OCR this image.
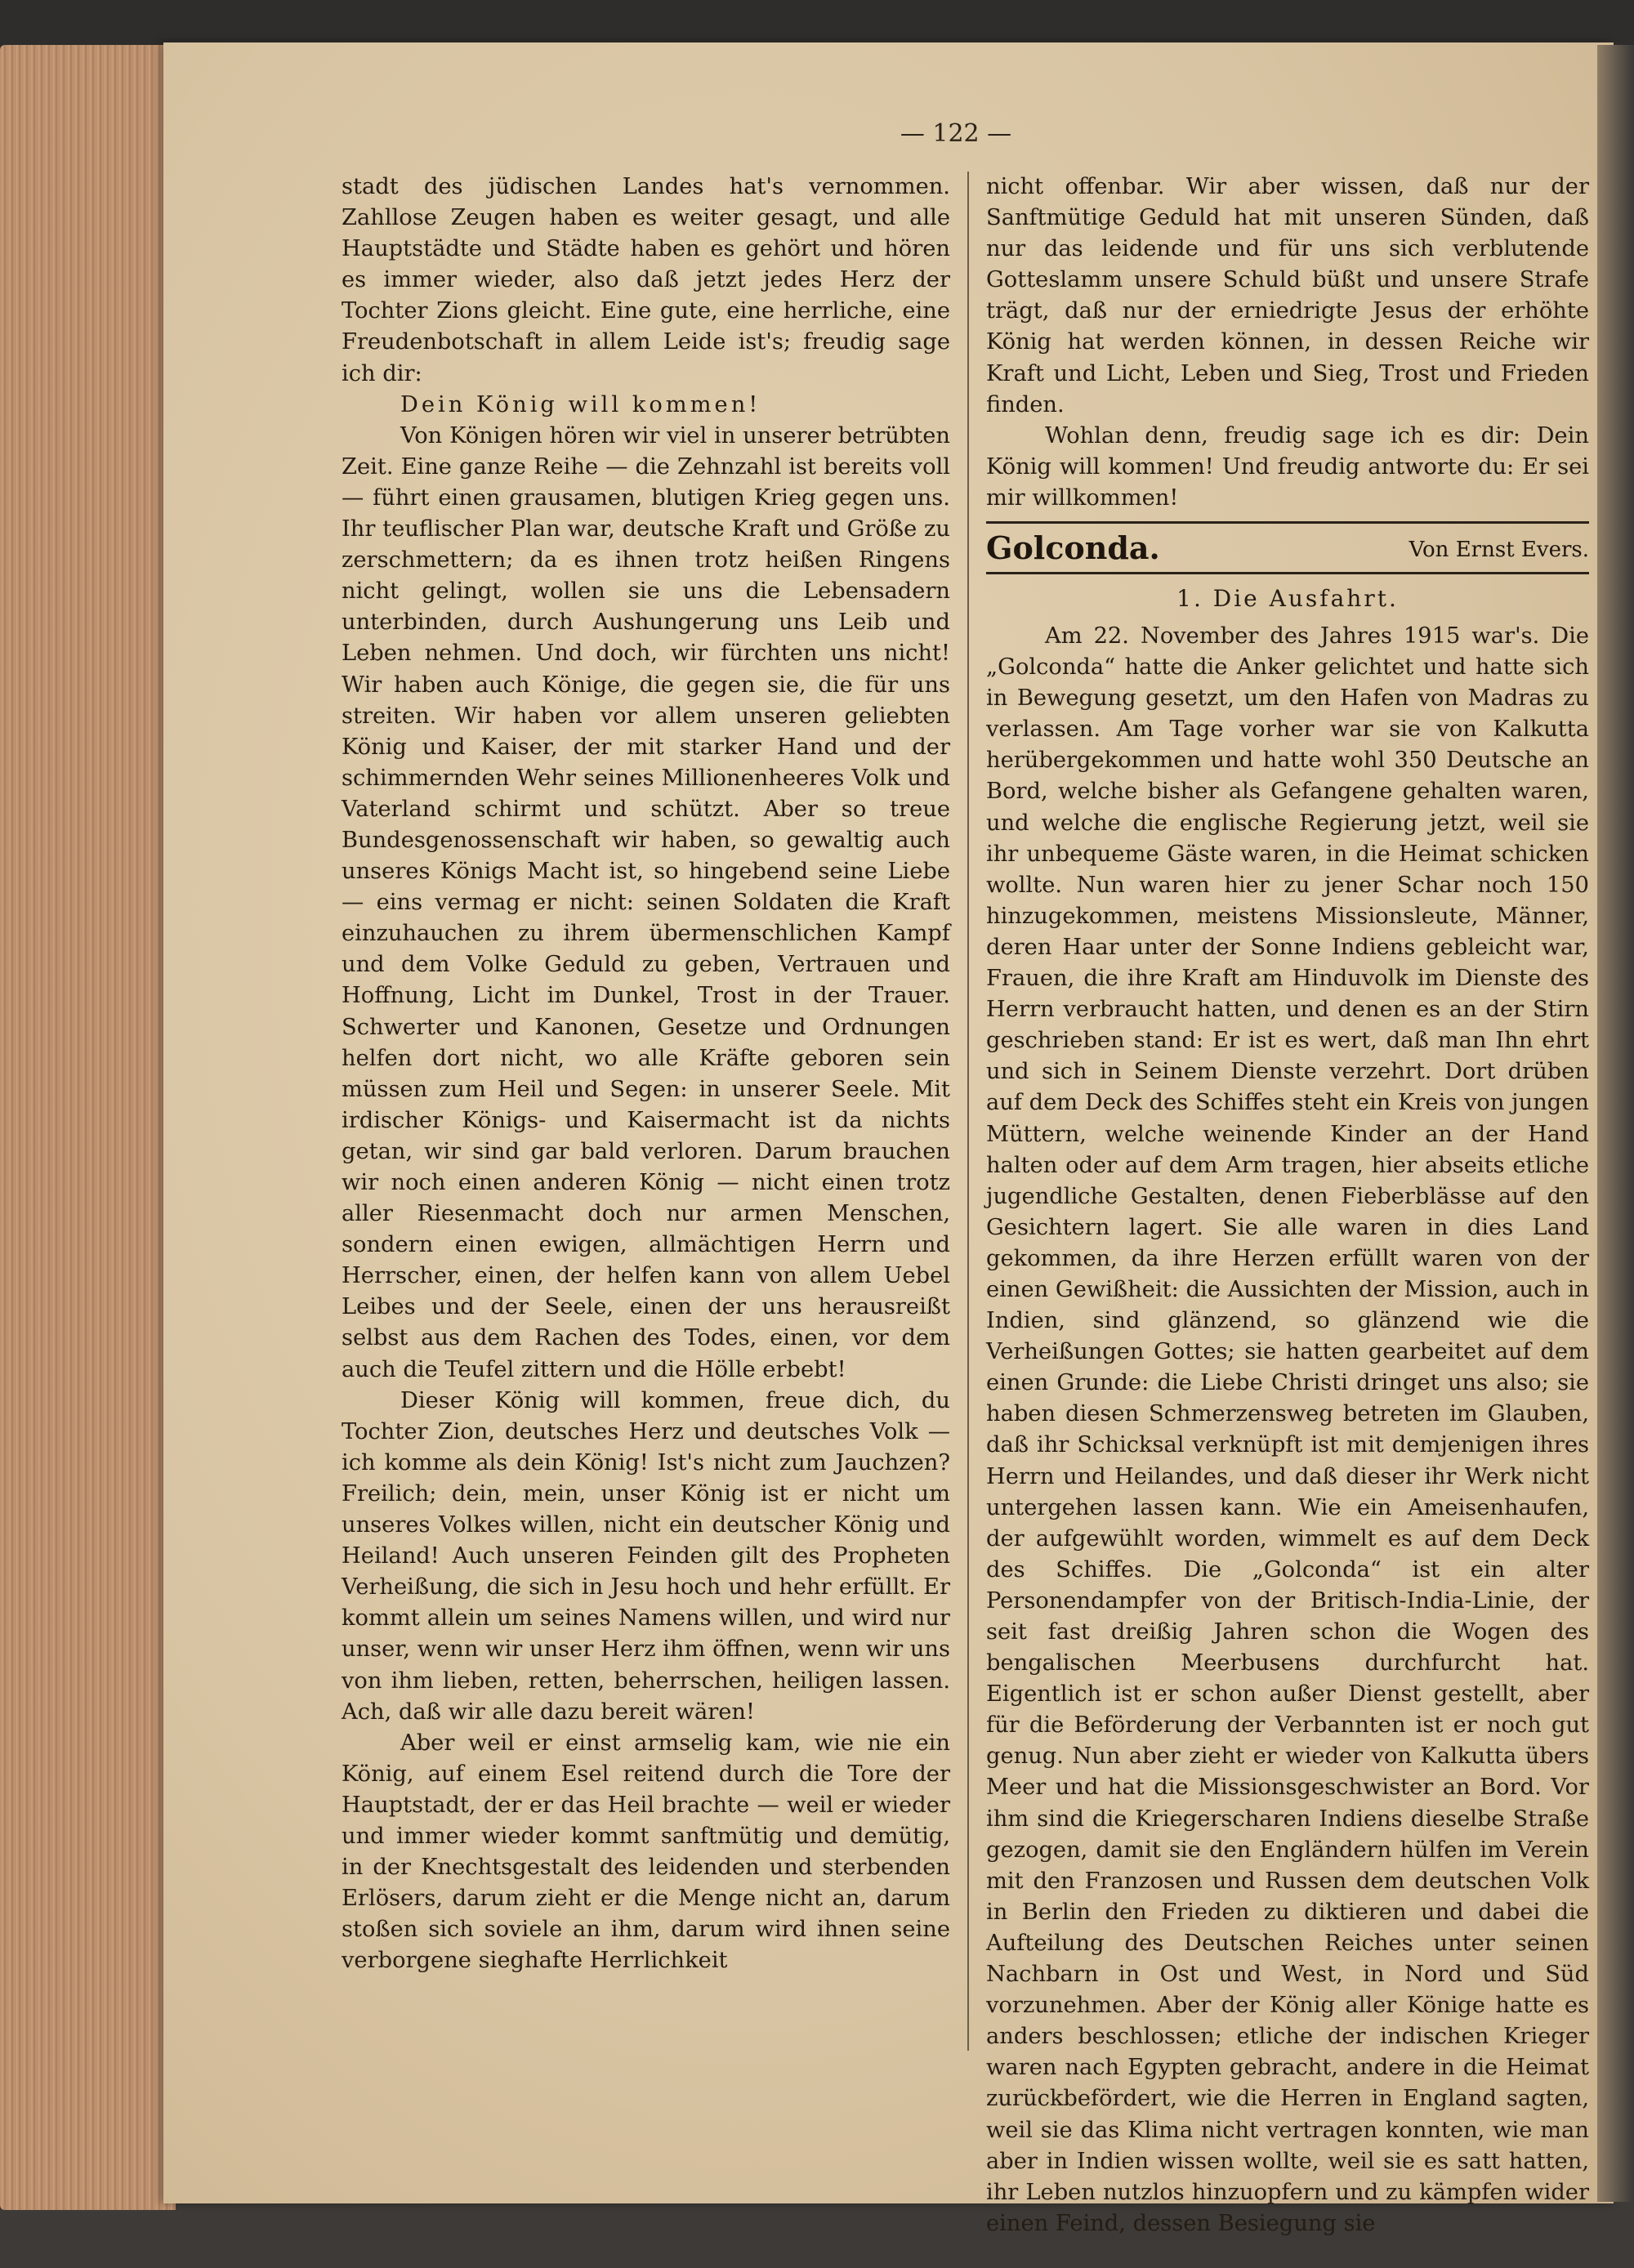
— 122 —

stadt des jüdischen Landes hat's vernommen. Zahllose Zeugen haben es weiter gesagt, und alle Hauptstädte und Städte haben es gehört und hören es immer wieder, also daß jetzt jedes Herz der Tochter Zions gleicht. Eine gute, eine herrliche, eine Freudenbotschaft in allem Leide ist's; freudig sage ich dir:

Dein König will kommen!

Von Königen hören wir viel in unserer betrübten Zeit. Eine ganze Reihe — die Zehnzahl ist bereits voll — führt einen grausamen, blutigen Krieg gegen uns. Ihr teuflischer Plan war, deutsche Kraft und Größe zu zerschmettern; da es ihnen trotz heißen Ringens nicht gelingt, wollen sie uns die Lebensadern unterbinden, durch Aushungerung uns Leib und Leben nehmen. Und doch, wir fürchten uns nicht! Wir haben auch Könige, die gegen sie, die für uns streiten. Wir haben vor allem unseren geliebten König und Kaiser, der mit starker Hand und der schimmernden Wehr seines Millionenheeres Volk und Vaterland schirmt und schützt. Aber so treue Bundesgenossenschaft wir haben, so gewaltig auch unseres Königs Macht ist, so hingebend seine Liebe — eins vermag er nicht: seinen Soldaten die Kraft einzuhauchen zu ihrem übermenschlichen Kampf und dem Volke Geduld zu geben, Vertrauen und Hoffnung, Licht im Dunkel, Trost in der Trauer. Schwerter und Kanonen, Gesetze und Ordnungen helfen dort nicht, wo alle Kräfte geboren sein müssen zum Heil und Segen: in unserer Seele. Mit irdischer Königs- und Kaisermacht ist da nichts getan, wir sind gar bald verloren. Darum brauchen wir noch einen anderen König — nicht einen trotz aller Riesenmacht doch nur armen Menschen, sondern einen ewigen, allmächtigen Herrn und Herrscher, einen, der helfen kann von allem Uebel Leibes und der Seele, einen der uns herausreißt selbst aus dem Rachen des Todes, einen, vor dem auch die Teufel zittern und die Hölle erbebt!

Dieser König will kommen, freue dich, du Tochter Zion, deutsches Herz und deutsches Volk — ich komme als dein König! Ist's nicht zum Jauchzen? Freilich; dein, mein, unser König ist er nicht um unseres Volkes willen, nicht ein deutscher König und Heiland! Auch unseren Feinden gilt des Propheten Verheißung, die sich in Jesu hoch und hehr erfüllt. Er kommt allein um seines Namens willen, und wird nur unser, wenn wir unser Herz ihm öffnen, wenn wir uns von ihm lieben, retten, beherrschen, heiligen lassen. Ach, daß wir alle dazu bereit wären!

Aber weil er einst armselig kam, wie nie ein König, auf einem Esel reitend durch die Tore der Hauptstadt, der er das Heil brachte — weil er wieder und immer wieder kommt sanftmütig und demütig, in der Knechtsgestalt des leidenden und sterbenden Erlösers, darum zieht er die Menge nicht an, darum stoßen sich soviele an ihm, darum wird ihnen seine verborgene sieghafte Herrlichkeit

nicht offenbar. Wir aber wissen, daß nur der Sanftmütige Geduld hat mit unseren Sünden, daß nur das leidende und für uns sich verblutende Gotteslamm unsere Schuld büßt und unsere Strafe trägt, daß nur der erniedrigte Jesus der erhöhte König hat werden können, in dessen Reiche wir Kraft und Licht, Leben und Sieg, Trost und Frieden finden.

Wohlan denn, freudig sage ich es dir: Dein König will kommen! Und freudig antworte du: Er sei mir willkommen!

Golconda.	Von Ernst Evers.
1. Die Ausfahrt.

Am 22. November des Jahres 1915 war's. Die „Golconda“ hatte die Anker gelichtet und hatte sich in Bewegung gesetzt, um den Hafen von Madras zu verlassen. Am Tage vorher war sie von Kalkutta herübergekommen und hatte wohl 350 Deutsche an Bord, welche bisher als Gefangene gehalten waren, und welche die englische Regierung jetzt, weil sie ihr unbequeme Gäste waren, in die Heimat schicken wollte. Nun waren hier zu jener Schar noch 150 hinzugekommen, meistens Missionsleute, Männer, deren Haar unter der Sonne Indiens gebleicht war, Frauen, die ihre Kraft am Hinduvolk im Dienste des Herrn verbraucht hatten, und denen es an der Stirn geschrieben stand: Er ist es wert, daß man Ihn ehrt und sich in Seinem Dienste verzehrt. Dort drüben auf dem Deck des Schiffes steht ein Kreis von jungen Müttern, welche weinende Kinder an der Hand halten oder auf dem Arm tragen, hier abseits etliche jugendliche Gestalten, denen Fieberblässe auf den Gesichtern lagert. Sie alle waren in dies Land gekommen, da ihre Herzen erfüllt waren von der einen Gewißheit: die Aussichten der Mission, auch in Indien, sind glänzend, so glänzend wie die Verheißungen Gottes; sie hatten gearbeitet auf dem einen Grunde: die Liebe Christi dringet uns also; sie haben diesen Schmerzensweg betreten im Glauben, daß ihr Schicksal verknüpft ist mit demjenigen ihres Herrn und Heilandes, und daß dieser ihr Werk nicht untergehen lassen kann. Wie ein Ameisenhaufen, der aufgewühlt worden, wimmelt es auf dem Deck des Schiffes. Die „Golconda“ ist ein alter Personendampfer von der Britisch-India-Linie, der seit fast dreißig Jahren schon die Wogen des bengalischen Meerbusens durchfurcht hat. Eigentlich ist er schon außer Dienst gestellt, aber für die Beförderung der Verbannten ist er noch gut genug. Nun aber zieht er wieder von Kalkutta übers Meer und hat die Missionsgeschwister an Bord. Vor ihm sind die Kriegerscharen Indiens dieselbe Straße gezogen, damit sie den Engländern hülfen im Verein mit den Franzosen und Russen dem deutschen Volk in Berlin den Frieden zu diktieren und dabei die Aufteilung des Deutschen Reiches unter seinen Nachbarn in Ost und West, in Nord und Süd vorzunehmen. Aber der König aller Könige hatte es anders beschlossen; etliche der indischen Krieger waren nach Egypten gebracht, andere in die Heimat zurückbefördert, wie die Herren in England sagten, weil sie das Klima nicht vertragen konnten, wie man aber in Indien wissen wollte, weil sie es satt hatten, ihr Leben nutzlos hinzuopfern und zu kämpfen wider einen Feind, dessen Besiegung sie
